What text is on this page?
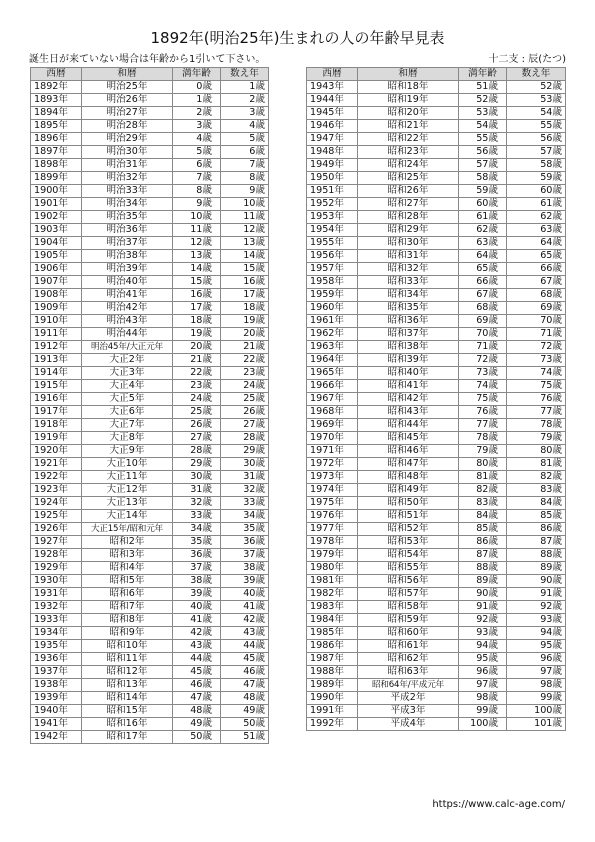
1892年(明治25年)生まれの人の年齢早見表
誕生日が来ていない場合は年齢から1引いて下さい。	十二支 : 辰(たつ)
西暦	和暦	満年齢	数え年
1892年	明治25年	0歳	1歳
1893年	明治26年	1歳	2歳
1894年	明治27年	2歳	3歳
1895年	明治28年	3歳	4歳
1896年	明治29年	4歳	5歳
1897年	明治30年	5歳	6歳
1898年	明治31年	6歳	7歳
1899年	明治32年	7歳	8歳
1900年	明治33年	8歳	9歳
1901年	明治34年	9歳	10歳
1902年	明治35年	10歳	11歳
1903年	明治36年	11歳	12歳
1904年	明治37年	12歳	13歳
1905年	明治38年	13歳	14歳
1906年	明治39年	14歳	15歳
1907年	明治40年	15歳	16歳
1908年	明治41年	16歳	17歳
1909年	明治42年	17歳	18歳
1910年	明治43年	18歳	19歳
1911年	明治44年	19歳	20歳
1912年	明治45年/大正元年	20歳	21歳
1913年	大正2年	21歳	22歳
1914年	大正3年	22歳	23歳
1915年	大正4年	23歳	24歳
1916年	大正5年	24歳	25歳
1917年	大正6年	25歳	26歳
1918年	大正7年	26歳	27歳
1919年	大正8年	27歳	28歳
1920年	大正9年	28歳	29歳
1921年	大正10年	29歳	30歳
1922年	大正11年	30歳	31歳
1923年	大正12年	31歳	32歳
1924年	大正13年	32歳	33歳
1925年	大正14年	33歳	34歳
1926年	大正15年/昭和元年	34歳	35歳
1927年	昭和2年	35歳	36歳
1928年	昭和3年	36歳	37歳
1929年	昭和4年	37歳	38歳
1930年	昭和5年	38歳	39歳
1931年	昭和6年	39歳	40歳
1932年	昭和7年	40歳	41歳
1933年	昭和8年	41歳	42歳
1934年	昭和9年	42歳	43歳
1935年	昭和10年	43歳	44歳
1936年	昭和11年	44歳	45歳
1937年	昭和12年	45歳	46歳
1938年	昭和13年	46歳	47歳
1939年	昭和14年	47歳	48歳
1940年	昭和15年	48歳	49歳
1941年	昭和16年	49歳	50歳
1942年	昭和17年	50歳	51歳
西暦	和暦	満年齢	数え年
1943年	昭和18年	51歳	52歳
1944年	昭和19年	52歳	53歳
1945年	昭和20年	53歳	54歳
1946年	昭和21年	54歳	55歳
1947年	昭和22年	55歳	56歳
1948年	昭和23年	56歳	57歳
1949年	昭和24年	57歳	58歳
1950年	昭和25年	58歳	59歳
1951年	昭和26年	59歳	60歳
1952年	昭和27年	60歳	61歳
1953年	昭和28年	61歳	62歳
1954年	昭和29年	62歳	63歳
1955年	昭和30年	63歳	64歳
1956年	昭和31年	64歳	65歳
1957年	昭和32年	65歳	66歳
1958年	昭和33年	66歳	67歳
1959年	昭和34年	67歳	68歳
1960年	昭和35年	68歳	69歳
1961年	昭和36年	69歳	70歳
1962年	昭和37年	70歳	71歳
1963年	昭和38年	71歳	72歳
1964年	昭和39年	72歳	73歳
1965年	昭和40年	73歳	74歳
1966年	昭和41年	74歳	75歳
1967年	昭和42年	75歳	76歳
1968年	昭和43年	76歳	77歳
1969年	昭和44年	77歳	78歳
1970年	昭和45年	78歳	79歳
1971年	昭和46年	79歳	80歳
1972年	昭和47年	80歳	81歳
1973年	昭和48年	81歳	82歳
1974年	昭和49年	82歳	83歳
1975年	昭和50年	83歳	84歳
1976年	昭和51年	84歳	85歳
1977年	昭和52年	85歳	86歳
1978年	昭和53年	86歳	87歳
1979年	昭和54年	87歳	88歳
1980年	昭和55年	88歳	89歳
1981年	昭和56年	89歳	90歳
1982年	昭和57年	90歳	91歳
1983年	昭和58年	91歳	92歳
1984年	昭和59年	92歳	93歳
1985年	昭和60年	93歳	94歳
1986年	昭和61年	94歳	95歳
1987年	昭和62年	95歳	96歳
1988年	昭和63年	96歳	97歳
1989年	昭和64年/平成元年	97歳	98歳
1990年	平成2年	98歳	99歳
1991年	平成3年	99歳	100歳
1992年	平成4年	100歳	101歳
https://www.calc-age.com/
